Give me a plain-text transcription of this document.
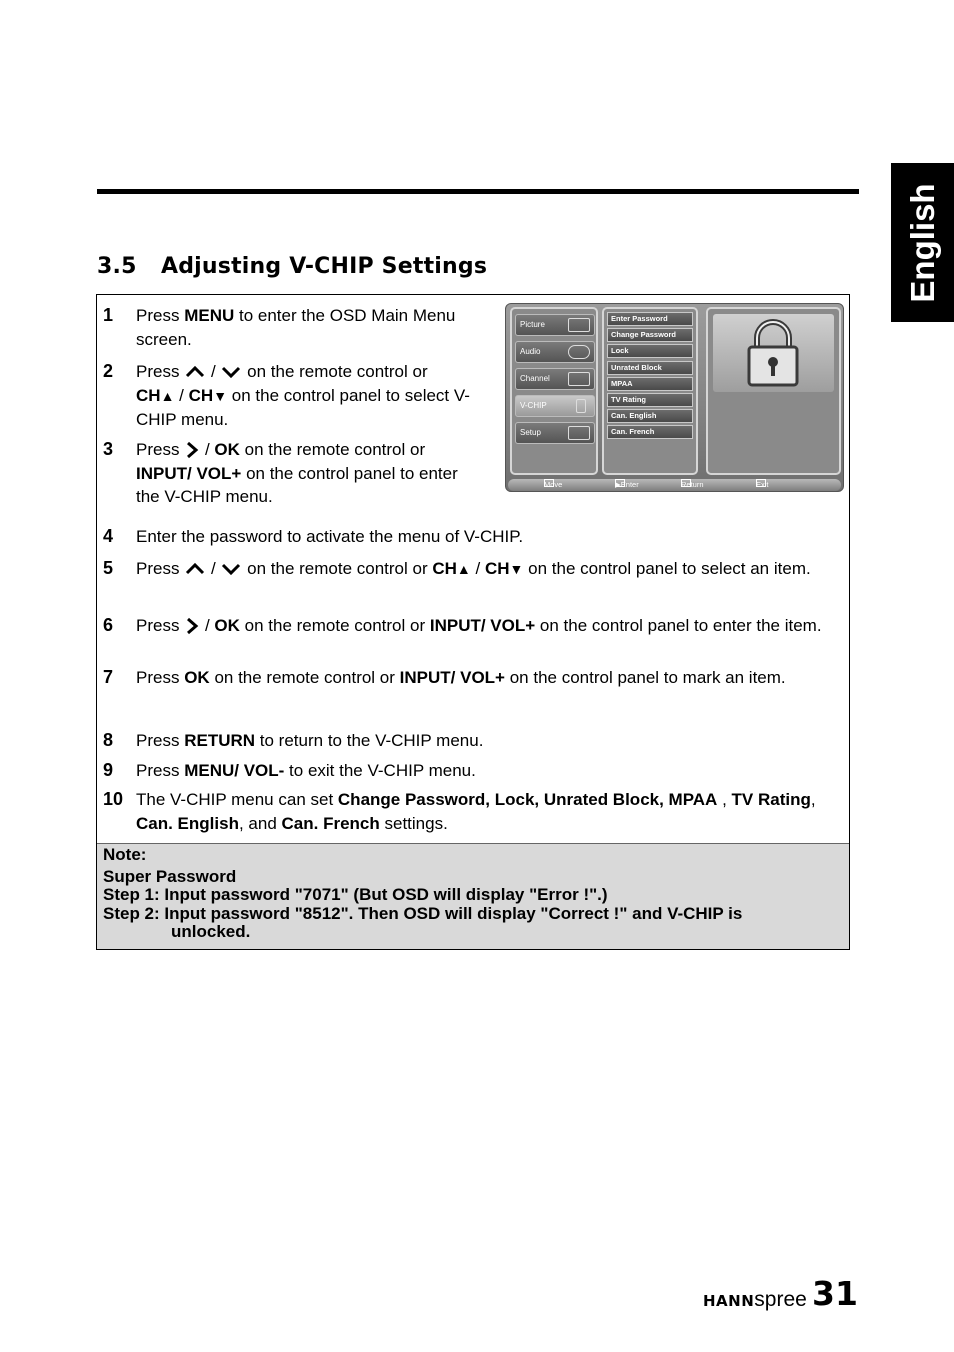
English
3.5 Adjusting V-CHIP Settings
1 Press MENU to enter the OSD Main Menu screen.
2 Press / on the remote control or
CH▲ / CH▼ on the control panel to select V-CHIP menu.
3 Press / OK on the remote control or
INPUT/ VOL+ on the control panel to enter the V-CHIP menu.
4 Enter the password to activate the menu of V-CHIP.
5 Press / on the remote control or CH▲ / CH▼ on the control panel to select an item.
6 Press / OK on the remote control or INPUT/ VOL+ on the control panel to enter the item.
7 Press OK on the remote control or INPUT/ VOL+ on the control panel to mark an item.
8 Press RETURN to return to the V-CHIP menu.
9 Press MENU/ VOL- to exit the V-CHIP menu.
10 The V-CHIP menu can set Change Password, Lock, Unrated Block, MPAA , TV Rating, Can. English, and Can. French settings.
Note:
Super Password
Step 1: Input password "7071" (But OSD will display "Error !".)
Step 2: Input password "8512". Then OSD will display "Correct !" and V-CHIP is
unlocked.
Picture
Audio
Channel
V-CHIP
Setup
Enter Password
Change Password
Lock
Unrated Block
MPAA
TV Rating
Can. English
Can. French
Move	▶ Enter	Return	Exit
HANNspree 31
